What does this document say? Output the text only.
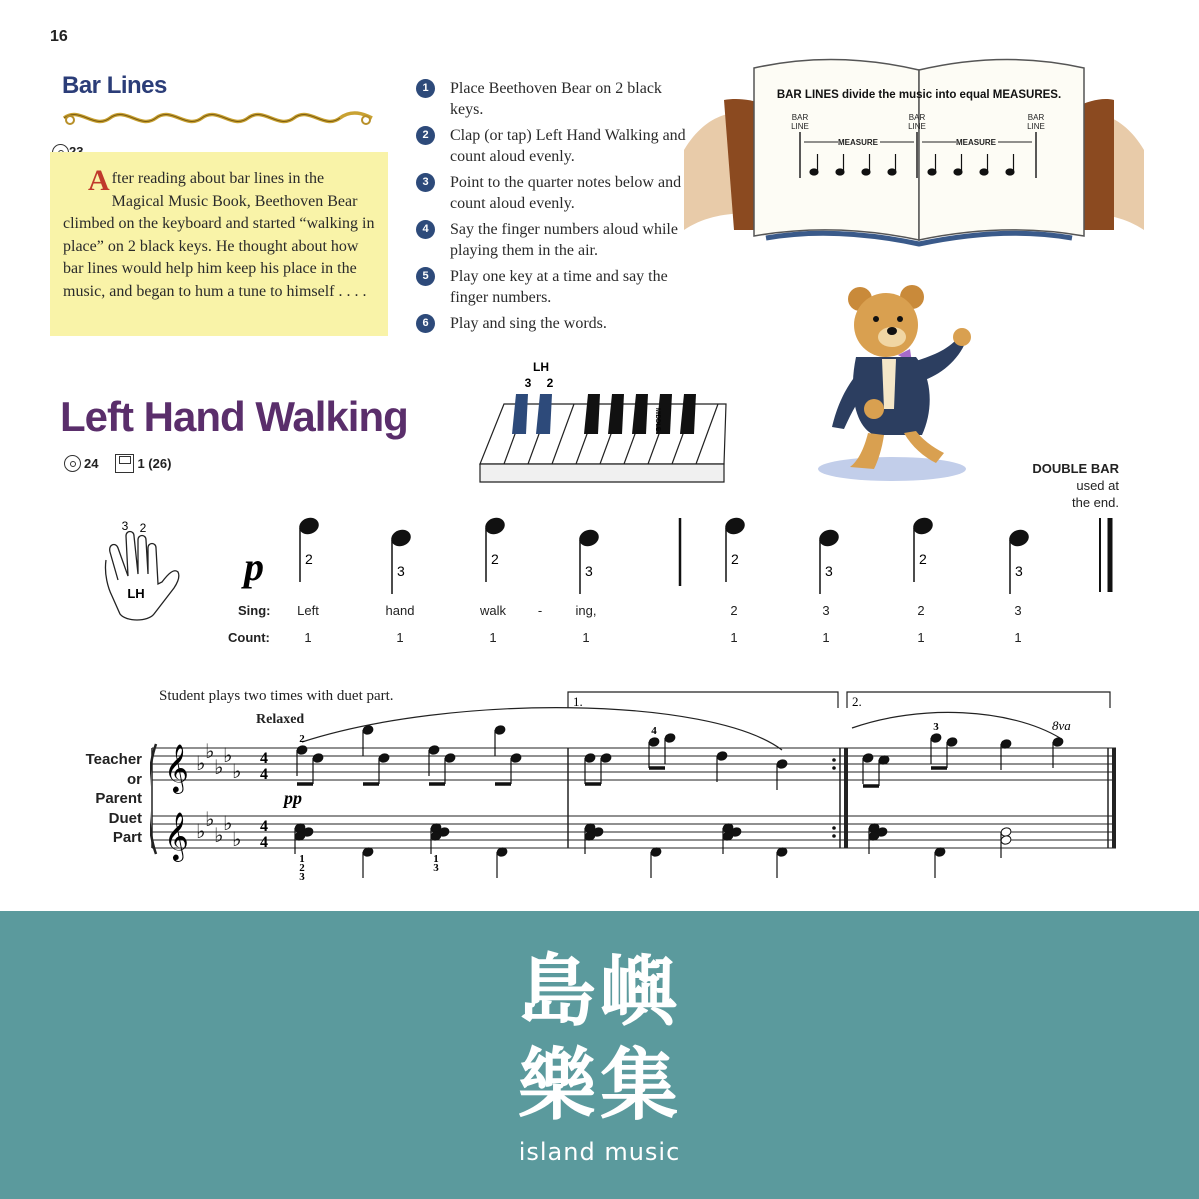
16
Bar Lines
After reading about bar lines in the Magical Music Book, Beethoven Bear climbed on the keyboard and started “walking in place” on 2 black keys. He thought about how bar lines would help him keep his place in the music, and began to hum a tune to himself . . . .
1	Place Beethoven Bear on 2 black keys.
2	Clap (or tap) Left Hand Walking and count aloud evenly.
3	Point to the quarter notes below and count aloud evenly.
4	Say the finger numbers aloud while playing them in the air.
5	Play one key at a time and say the finger numbers.
6	Play and sing the words.
BAR LINES divide the music into equal MEASURES.
BAR
LINE
BAR
LINE
BAR
LINE
MEASURE	MEASURE
Left Hand Walking
24	1 (26)
LH
3 2
MIDDLE
DOUBLE BAR
used at
the end.
3 2
LH
p	2
3
2
3
2
3
2
3
Sing:
Count:
Left	hand	walk -	ing,	2	3	2	3
1	1	1	1	1	1	1	1
Student plays two times with duet part.
Relaxed
Teacher
or
Parent
Duet
Part
1.	2.
8va
pp
𝄞
𝄞
♭ ♭
♭ ♭
♭
♭ ♭
♭ ♭
♭
4
4
4
4
2
4	3
1
2
3
1
3
島嶼
樂集
island music
